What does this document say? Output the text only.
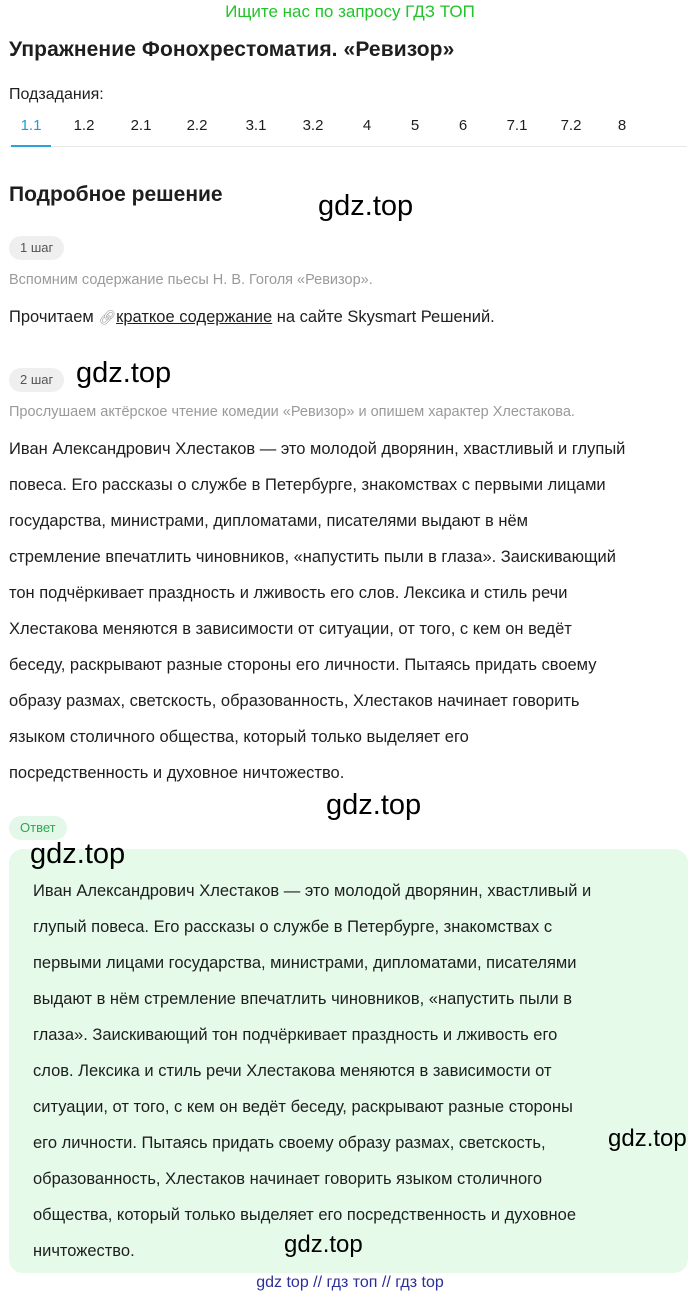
Ищите нас по запросу ГДЗ ТОП
Упражнение Фонохрестоматия. «Ревизор»
Подзадания:
1.1	1.2	2.1	2.2	3.1	3.2	4	5	6	7.1 7.2 8
Подробное решение	gdz.top
1 шаг
Вспомним содержание пьесы Н. В. Гоголя «Ревизор».
Прочитаем 🔗︎краткое содержание на сайте Skysmart Решений.
2 шаг gdz.top
Прослушаем актёрское чтение комедии «Ревизор» и опишем характер Хлестакова.
Иван Александрович Хлестаков — это молодой дворянин, хвастливый и глупый
повеса. Его рассказы о службе в Петербурге, знакомствах с первыми лицами
государства, министрами, дипломатами, писателями выдают в нём
стремление впечатлить чиновников, «напустить пыли в глаза». Заискивающий
тон подчёркивает праздность и лживость его слов. Лексика и стиль речи
Хлестакова меняются в зависимости от ситуации, от того, с кем он ведёт
беседу, раскрывают разные стороны его личности. Пытаясь придать своему
образу размах, светскость, образованность, Хлестаков начинает говорить
языком столичного общества, который только выделяет его
посредственность и духовное ничтожество.
gdz.top
Ответ
gdz.top
Иван Александрович Хлестаков — это молодой дворянин, хвастливый и
глупый повеса. Его рассказы о службе в Петербурге, знакомствах с
первыми лицами государства, министрами, дипломатами, писателями
выдают в нём стремление впечатлить чиновников, «напустить пыли в
глаза». Заискивающий тон подчёркивает праздность и лживость его
слов. Лексика и стиль речи Хлестакова меняются в зависимости от
ситуации, от того, с кем он ведёт беседу, раскрывают разные стороны
его личности. Пытаясь придать своему образу размах, светскость,
образованность, Хлестаков начинает говорить языком столичного
общества, который только выделяет его посредственность и духовное
ничтожество.
gdz.top
gdz.top
gdz top // гдз топ // гдз top
